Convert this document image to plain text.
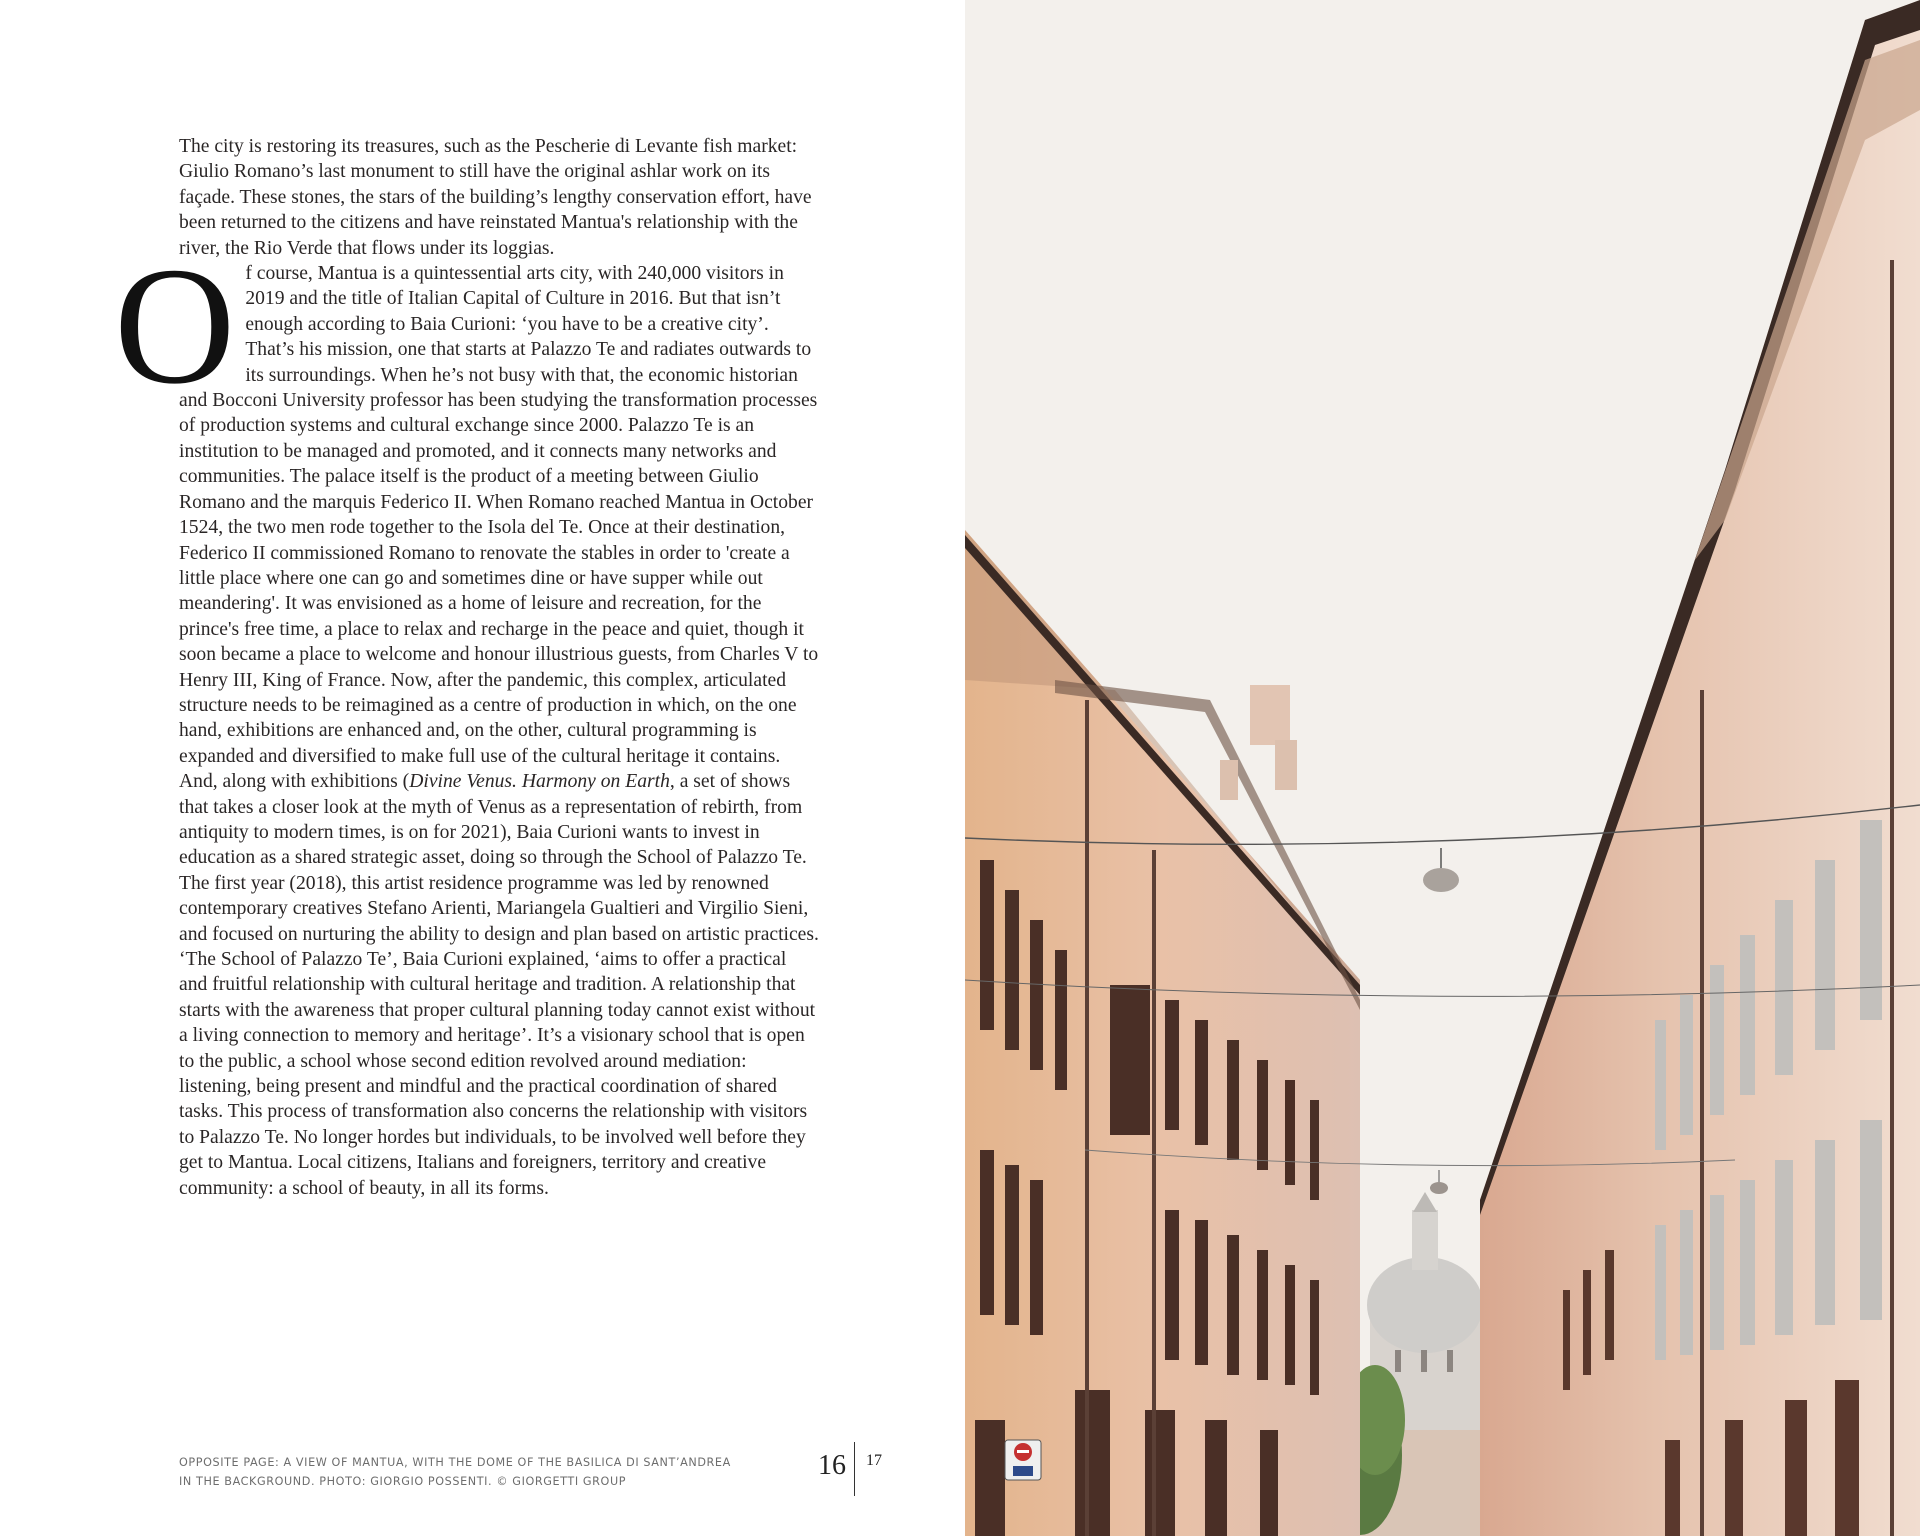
The city is restoring its treasures, such as the Pescherie di Levante fish market: Giulio Romano’s last monument to still have the original ashlar work on its façade. These stones, the stars of the building’s lengthy conservation effort, have been returned to the citizens and have reinstated Mantua's relationship with the river, the Rio Verde that flows under its loggias.

Of course, Mantua is a quintessential arts city, with 240,000 visitors in 2019 and the title of Italian Capital of Culture in 2016. But that isn’t enough according to Baia Curioni: ‘you have to be a creative city’. That’s his mission, one that starts at Palazzo Te and radiates outwards to its surroundings. When he’s not busy with that, the economic historian and Bocconi University professor has been studying the transformation processes of production systems and cultural exchange since 2000. Palazzo Te is an institution to be managed and promoted, and it connects many networks and communities. The palace itself is the product of a meeting between Giulio Romano and the marquis Federico II. When Romano reached Mantua in October 1524, the two men rode together to the Isola del Te. Once at their destination, Federico II commissioned Romano to renovate the stables in order to 'create a little place where one can go and sometimes dine or have supper while out meandering'. It was envisioned as a home of leisure and recreation, for the prince's free time, a place to relax and recharge in the peace and quiet, though it soon became a place to welcome and honour illustrious guests, from Charles V to Henry III, King of France. Now, after the pandemic, this complex, articulated structure needs to be reimagined as a centre of production in which, on the one hand, exhibitions are enhanced and, on the other, cultural programming is expanded and diversified to make full use of the cultural heritage it contains. And, along with exhibitions (Divine Venus. Harmony on Earth, a set of shows that takes a closer look at the myth of Venus as a representation of rebirth, from antiquity to modern times, is on for 2021), Baia Curioni wants to invest in education as a shared strategic asset, doing so through the School of Palazzo Te. The first year (2018), this artist residence programme was led by renowned contemporary creatives Stefano Arienti, Mariangela Gualtieri and Virgilio Sieni, and focused on nurturing the ability to design and plan based on artistic practices. ‘The School of Palazzo Te’, Baia Curioni explained, ‘aims to offer a practical and fruitful relationship with cultural heritage and tradition. A relationship that starts with the awareness that proper cultural planning today cannot exist without a living connection to memory and heritage’. It’s a visionary school that is open to the public, a school whose second edition revolved around mediation: listening, being present and mindful and the practical coordination of shared tasks. This process of transformation also concerns the relationship with visitors to Palazzo Te. No longer hordes but individuals, to be involved well before they get to Mantua. Local citizens, Italians and foreigners, territory and creative community: a school of beauty, in all its forms.

OPPOSITE PAGE: A VIEW OF MANTUA, WITH THE DOME OF THE BASILICA DI SANT’ANDREA
IN THE BACKGROUND. PHOTO: GIORGIO POSSENTI. © GIORGETTI GROUP
16 17
